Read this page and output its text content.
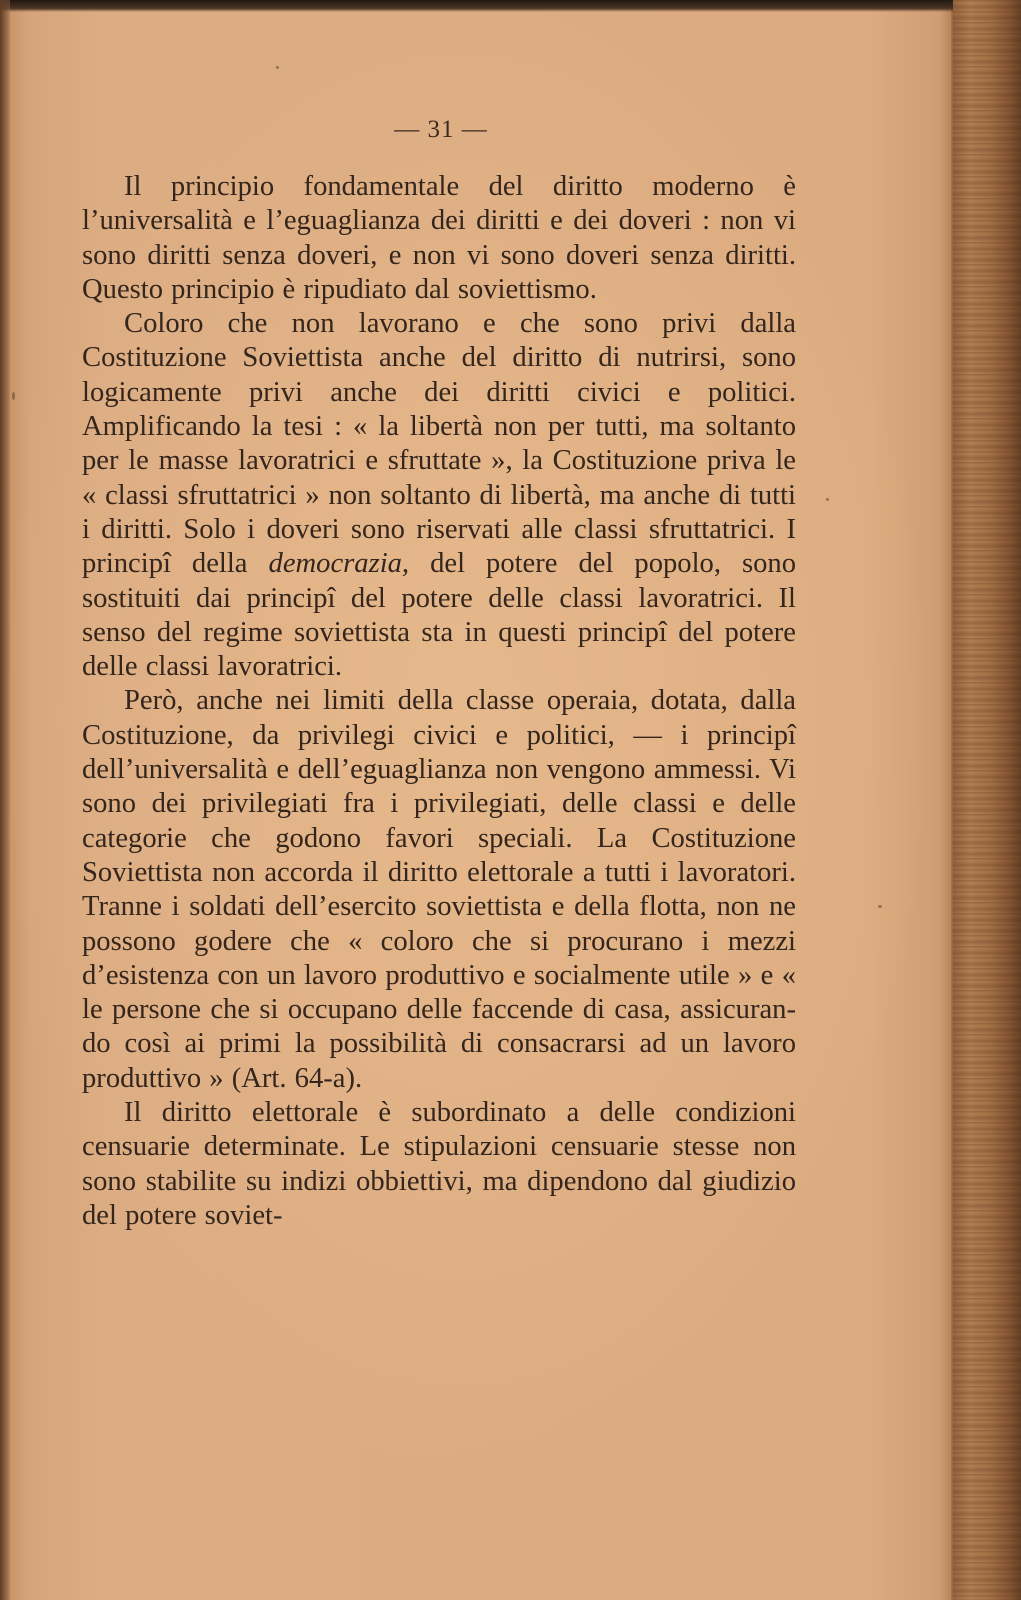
— 31 —

Il principio fondamentale del diritto moderno è l’universalità e l’eguaglianza dei diritti e dei doveri : non vi sono diritti senza doveri, e non vi sono doveri senza diritti. Questo principio è ripudiato dal soviettismo.

Coloro che non lavorano e che sono privi dalla Costituzione Soviettista anche del diritto di nutrirsi, sono logicamente privi anche dei diritti civici e politici. Amplificando la tesi : « la libertà non per tutti, ma soltanto per le masse lavoratrici e sfruttate », la Costituzione priva le « classi sfruttatrici » non soltanto di libertà, ma anche di tutti i diritti. Solo i doveri sono riservati alle classi sfruttatrici. I principî della democrazia, del potere del popolo, sono sostituiti dai principî del potere delle classi lavoratrici. Il senso del regime soviettista sta in questi principî del potere delle classi lavoratrici.

Però, anche nei limiti della classe operaia, dotata, dalla Costituzione, da privilegi civici e politici, — i principî dell’universalità e dell’eguaglianza non vengono ammessi. Vi sono dei privilegiati fra i privilegiati, delle classi e delle categorie che godono favori speciali. La Costituzione Soviettista non accorda il diritto elettorale a tutti i lavoratori. Tranne i soldati dell’esercito soviettista e della flotta, non ne possono godere che « coloro che si procurano i mezzi d’esistenza con un lavoro produttivo e socialmente utile » e « le persone che si occupano delle faccende di casa, assicurando così ai primi la possibilità di consacrarsi ad un lavoro produttivo » (Art. 64-a).

Il diritto elettorale è subordinato a delle condizioni censuarie determinate. Le stipulazioni censuarie stesse non sono stabilite su indizi obbiettivi, ma dipendono dal giudizio del potere soviet-
